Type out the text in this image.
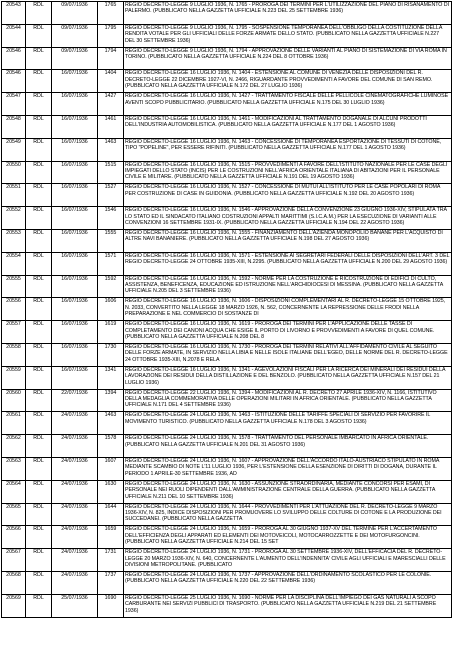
20543	RDL	09/07/1936	1765	REGIO DECRETO-LEGGE 9 LUGLIO 1936, N. 1765 - PROROGA DEI TERMINI PER L'UTILIZZAZIONE DEL PIANO DI RISANAMENTO DI PALERMO. (PUBBLICATO NELLA GAZZETTA UFFICIALE N.223 DEL 25 SETTEMBRE 1936)
20544	RDL	09/07/1936	1795	REGIO DECRETO-LEGGE 9 LUGLIO 1936, N. 1795 - SOSPENSIONE TEMPORANEA DELL'OBBLIGO DELLA COSTITUZIONE DELLA RENDITA VOTALE PER GLI UFFICIALI DELLE FORZE ARMATE DELLO STATO. (PUBBLICATO NELLA GAZZETTA UFFICIALE N.227 DEL 30 SETTEMBRE 1936)
20546	RDL	09/07/1936	1794	REGIO DECRETO-LEGGE 9 LUGLIO 1936, N. 1794 - APPROVAZIONE DELLE VARIANTI AL PIANO DI SISTEMAZIONE DI VIA ROMA IN TORINO. (PUBBLICATO NELLA GAZZETTA UFFICIALE N.224 DEL 8 OTTOBRE 1936)
20546	RDL	16/07/1936	1404	REGIO DECRETO-LEGGE 16 LUGLIO 1936, N. 1404 - ESTENSIONE AL COMUNE DI VENEZIA DELLE DISPOSIZIONI DEL R. DECRETO-LEGGE 22 DICEMBRE 1927-VI, N. 2466, RIGUARDANTE PROVVEDIMENTI A FAVORE DEL COMUNE DI SAN REMO. (PUBBLICATO NELLA GAZZETTA UFFICIALE N.172 DEL 27 LUGLIO 1936)
20547	RDL	16/07/1936	1427	REGIO DECRETO-LEGGE 16 LUGLIO 1936, N. 1427 - TRATTAMENTO FISCALE DELLE PELLICOLE CINEMATOGRAFICHE LUMINOSE AVENTI SCOPO PUBBLICITARIO. (PUBBLICATO NELLA GAZZETTA UFFICIALE N.175 DEL 30 LUGLIO 1936)
20548	RDL	16/07/1936	1461	REGIO DECRETO-LEGGE 16 LUGLIO 1936, N. 1461 - MODIFICAZIONI AL TRATTAMENTO DOGANALE DI ALCUNI PRODOTTI DELL'INDUSTRIA AUTOMOBILISTICA. (PUBBLICATO NELLA GAZZETTA UFFICIALE N.177 DEL 1 AGOSTO 1936)
20549	RDL	16/07/1936	1463	REGIO DECRETO-LEGGE 16 LUGLIO 1936, N. 1463 - CONCESSIONE DI TEMPORANEA ESPORTAZIONE DI TESSUTI DI COTONE, TIPO "POPELINE", PER ESSERE RIFINITI. (PUBBLICATO NELLA GAZZETTA UFFICIALE N.177 DEL 1 AGOSTO 1936)
20550	RDL	16/07/1936	1515	REGIO DECRETO-LEGGE 16 LUGLIO 1936, N. 1515 - PROVVEDIMENTI A FAVORE DELL'ISTITUTO NAZIONALE PER LE CASE DEGLI IMPIEGATI DELLO STATO (INCIS) PER LE COSTRUZIONI NELL'AFRICA ORIENTALE ITALIANA DI ABITAZIONI PER IL PERSONALE CIVILE E MILITARE. (PUBBLICATO NELLA GAZZETTA UFFICIALE N.191 DEL 19 AGOSTO 1936)
20551	RDL	16/07/1936	1527	REGIO DECRETO-LEGGE 16 LUGLIO 1936, N. 1527 - CONCESSIONE DI MUTUI ALL'ISTITUTO PER LE CASE POPOLARI DI ROMA PER COSTRUZIONE DI CASE IN GUIDONIA. (PUBBLICATO NELLA GAZZETTA UFFICIALE N.192 DEL 20 AGOSTO 1936)
20552	RDL	16/07/1936	1546	REGIO DECRETO-LEGGE 16 LUGLIO 1936, N. 1546 - APPROVAZIONE DELLA CONVENZIONE 23 GIUGNO 1936-XIV, STIPULATA TRA LO STATO ED IL SINDACATO ITALIANO COSTRUZIONI APPALTI MARITTIMI (S.I.C.A.M.) PER LA ESECUZIONE DI VARIANTI ALLE CONVENZIONI 16 SETTEMBRE 1931-IX. (PUBBLICATO NELLA GAZZETTA UFFICIALE N.194 DEL 22 AGOSTO 1936)
20553	RDL	16/07/1936	1555	REGIO DECRETO-LEGGE 16 LUGLIO 1936, N. 1555 - FINANZIAMENTO DELL'AZIENDA MONOPOLIO BANANE PER L'ACQUISTO DI ALTRE NAVI BANANIERE. (PUBBLICATO NELLA GAZZETTA UFFICIALE N.198 DEL 27 AGOSTO 1936)
20554	RDL	16/07/1936	1571	REGIO DECRETO-LEGGE 16 LUGLIO 1936, N. 1571 - ESTENSIONE AI SEGRETARI FEDERALI DELLE DISPOSIZIONI DELL'ART. 3 DEL REGIO DECRETO-LEGGE 24 OTTOBRE 1935-XIII, N.2295. (PUBBLICATO NELLA GAZZETTA UFFICIALE N.200 DEL 29 AGOSTO 1936)
20555	RDL	16/07/1936	1592	REGIO DECRETO-LEGGE 16 LUGLIO 1936, N. 1592 - NORME PER LA COSTRUZIONE E RICOSTRUZIONE DI EDIFICI DI CULTO, ASSISTENZA, BENEFICENZA, EDUCAZIONE ED ISTRUZIONE NELL'ARCHIDIOCESI DI MESSINA. (PUBBLICATO NELLA GAZZETTA UFFICIALE N.205 DEL 3 SETTEMBRE 1936)
20556	RDL	16/07/1936	1606	REGIO DECRETO-LEGGE 16 LUGLIO 1936, N. 1606 - DISPOSIZIONI COMPLEMENTARI AL R. DECRETO-LEGGE 15 OTTOBRE 1925, N. 2033, CONVERTITO NELLA LEGGE 18 MARZO 1926, N. 562, CONCERNENTE LA REPRESSIONE DELLE FRODI NELLA PREPARAZIONE E NEL COMMERCIO DI SOSTANZE DI
20557	RDL	16/07/1936	1619	REGIO DECRETO-LEGGE 16 LUGLIO 1936, N. 1619 - PROROGA DEI TERMINI PER L'APPLICAZIONE DELLE TASSE DI COMPLETAMENTO DEI CANONI ACQUA CHE ESIGE IL PORTO DI LIVORNO E PROVVEDIMENTI A FAVORE DI QUEL COMUNE. (PUBBLICATO NELLA GAZZETTA UFFICIALE N.208 DEL 8
20558	RDL	16/07/1936	1730	REGIO DECRETO-LEGGE 16 LUGLIO 1936, N. 1730 - PROROGA DEI TERMINI RELATIVI ALL'AFFIDAMENTO CIVILE AL SEGUITO DELLE FORZE ARMATE, IN SERVIZIO NELLA LIBIA E NELLE ISOLE ITALIANE DELL'EGEO, DELLE NORME DEL R. DECRETO-LEGGE 24 OTTOBRE 1935-XIII, N.2078 E RELA
20559	RDL	16/07/1936	1341	REGIO DECRETO-LEGGE 16 LUGLIO 1936, N. 1341 - AGEVOLAZIONI FISCALI PER LA RICERCA DEI MINERALI DEI RESIDUI DELLA LAVORAZIONE DEI RESIDUI DELLA DISTILLAZIONE E DEL BENZOLO. (PUBBLICATO NELLA GAZZETTA UFFICIALE N.157 DEL 21 LUGLIO 1936)
20560	RDL	22/07/1936	1394	REGIO DECRETO-LEGGE 22 LUGLIO 1936, N. 1394 - MODIFICAZIONI AL R. DECRETO 27 APRILE 1936-XIV, N. 1166, ISTITUTIVO DELLA MEDAGLIA COMMEMORATIVA DELLE OPERAZIONI MILITARI IN AFRICA ORIENTALE. (PUBBLICATO NELLA GAZZETTA UFFICIALE N.171 DEL 4 SETTEMBRE 1936)
20561	RDL	24/07/1936	1463	REGIO DECRETO-LEGGE 24 LUGLIO 1936, N. 1463 - ISTITUZIONE DELLE TARIFFE SPECIALI DI SERVIZIO PER FAVORIRE IL MOVIMENTO TURISTICO. (PUBBLICATO NELLA GAZZETTA UFFICIALE N.178 DEL 3 AGOSTO 1936)
20562	RDL	24/07/1936	1578	REGIO DECRETO-LEGGE 24 LUGLIO 1936, N. 1578 - TRATTAMENTO DEL PERSONALE IMBARCATO IN AFRICA ORIENTALE. (PUBBLICATO NELLA GAZZETTA UFFICIALE N.201 DEL 31 AGOSTO 1936)
20563	RDL	24/07/1936	1607	REGIO DECRETO-LEGGE 24 LUGLIO 1936, N. 1607 - APPROVAZIONE DELL'ACCORDO ITALO-AUSTRIACO STIPULATO IN ROMA MEDIANTE SCAMBIO DI NOTE L'11 LUGLIO 1936, PER L'ESTENSIONE DELLA ESENZIONE DI DIRITTI DI DOGANA, DURANTE IL PERIODO 1 APRILE-30 SETTEMBRE 1936, AD
20564	RDL	24/07/1936	1630	REGIO DECRETO-LEGGE 24 LUGLIO 1936, N. 1630 - ASSUNZIONE STRAORDINARIA, MEDIANTE CONCORSI PER ESAMI, DI PERSONALE NEI RUOLI DIPENDENTI DALL'AMMINISTRAZIONE CENTRALE DELLA GUERRA. (PUBBLICATO NELLA GAZZETTA UFFICIALE N.211 DEL 10 SETTEMBRE 1936)
20565	RDL	24/07/1936	1644	REGIO DECRETO-LEGGE 24 LUGLIO 1936, N. 1644 - PROVVEDIMENTI PER L'ATTUAZIONE DEL R. DECRETO-LEGGE 9 MARZO 1936-XIV, N. 825, INDICE DISPOSIZIONI PER PROMUOVERE LO SVILUPPO DELLE COLTURE DI COTONE E LA PRODUZIONE DEI SUCCEDANEI. (PUBBLICATO NELLA GAZZETTA
20566	RDL	24/07/1936	1659	REGIO DECRETO-LEGGE 24 LUGLIO 1936, N. 1659 - PROROGA AL 30 GIUGNO 1937-XV DEL TERMINE PER L'ACCERTAMENTO DELL'EFFICIENZA DEGLI APPARATI ED ELEMENTI DEI MOTOVEICOLI, MOTOCARROZZETTE E DEI MOTOFURGONCINI. (PUBBLICATO NELLA GAZZETTA UFFICIALE N.214 DEL 15 SET
20567	RDL	24/07/1936	1731	REGIO DECRETO-LEGGE 24 LUGLIO 1936, N. 1731 - PROROGA AL 30 SETTEMBRE 1936-XIV, DELL'EFFICACIA DEL R. DECRETO-LEGGE 20 MARZO 1936-XIV, N. 640, CONCERNENTE L'AUMENTO DELL'INDENNITA' CIVILE AGLI UFFICIALI E MARESCIALLI DELLE DIVISIONI METROPOLITANE. (PUBBLICATO
20568	RDL	24/07/1936	1737	REGIO DECRETO-LEGGE 24 LUGLIO 1936, N. 1737 - APPROVAZIONE DELL'ORDINAMENTO SCOLASTICO PER LE COLONIE. (PUBBLICATO NELLA GAZZETTA UFFICIALE N.220 DEL 22 SETTEMBRE 1936)
20569	RDL	25/07/1936	1690	REGIO DECRETO-LEGGE 25 LUGLIO 1936, N. 1690 - NORME PER LA DISCIPLINA DELL'IMPIEGO DEI GAS NATURALI A SCOPO CARBURANTE NEI SERVIZI PUBBLICI DI TRASPORTO. (PUBBLICATO NELLA GAZZETTA UFFICIALE N.219 DEL 21 SETTEMBRE 1936)
